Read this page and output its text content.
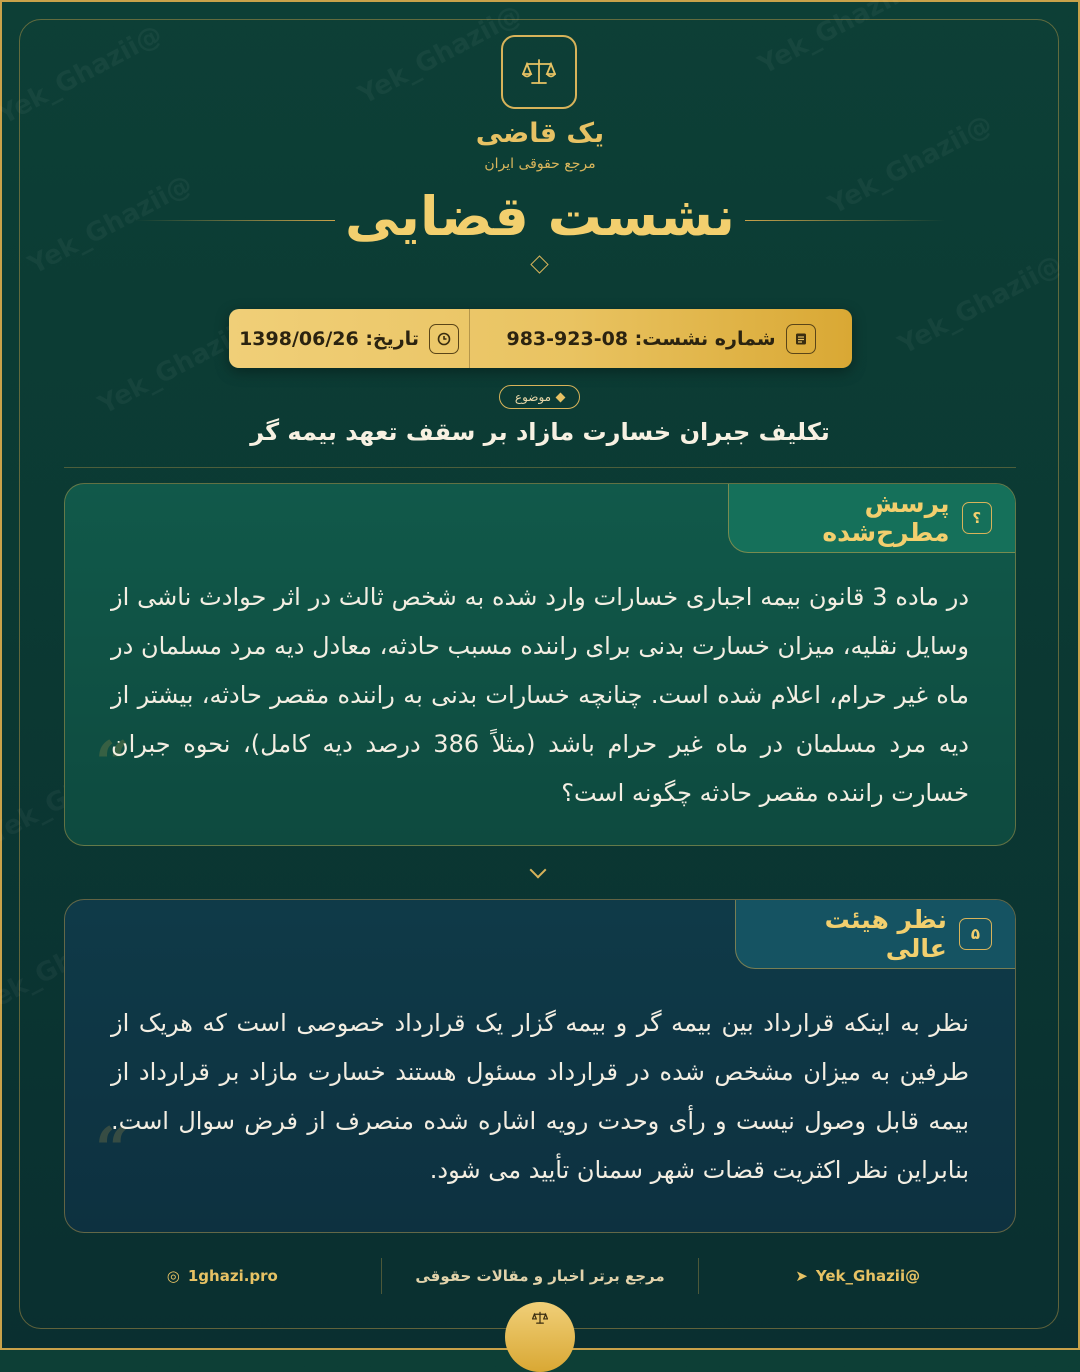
یک قاضی
مرجع حقوقی ایران
نشست قضایی
تاریخ: 1398/06/26	شماره نشست: 08-923-983
موضوع
تکلیف جبران خسارت مازاد بر سقف تعهد بیمه گر
؟
پرسش مطرح‌شده
“
در ماده 3 قانون بیمه اجباری خسارات وارد شده به شخص ثالث در اثر حوادث ناشی از وسایل نقلیه، میزان خسارت بدنی برای راننده مسبب حادثه، معادل دیه مرد مسلمان در ماه غیر حرام، اعلام شده است. چنانچه خسارات بدنی به راننده مقصر حادثه، بیشتر از دیه مرد مسلمان در ماه غیر حرام باشد (مثلاً 386 درصد دیه کامل)، نحوه جبران خسارت راننده مقصر حادثه چگونه است؟
۵
نظر هیئت عالی
“
نظر به اینکه قرارداد بین بیمه گر و بیمه گزار یک قرارداد خصوصی است که هریک از طرفین به میزان مشخص شده در قرارداد مسئول هستند خسارت مازاد بر قرارداد از بیمه قابل وصول نیست و رأی وحدت رویه اشاره شده منصرف از فرض سوال است. بنابراین نظر اکثریت قضات شهر سمنان تأیید می شود.
◎ 1ghazi.pro	مرجع برتر اخبار و مقالات حقوقی	➤ Yek_Ghazii@
